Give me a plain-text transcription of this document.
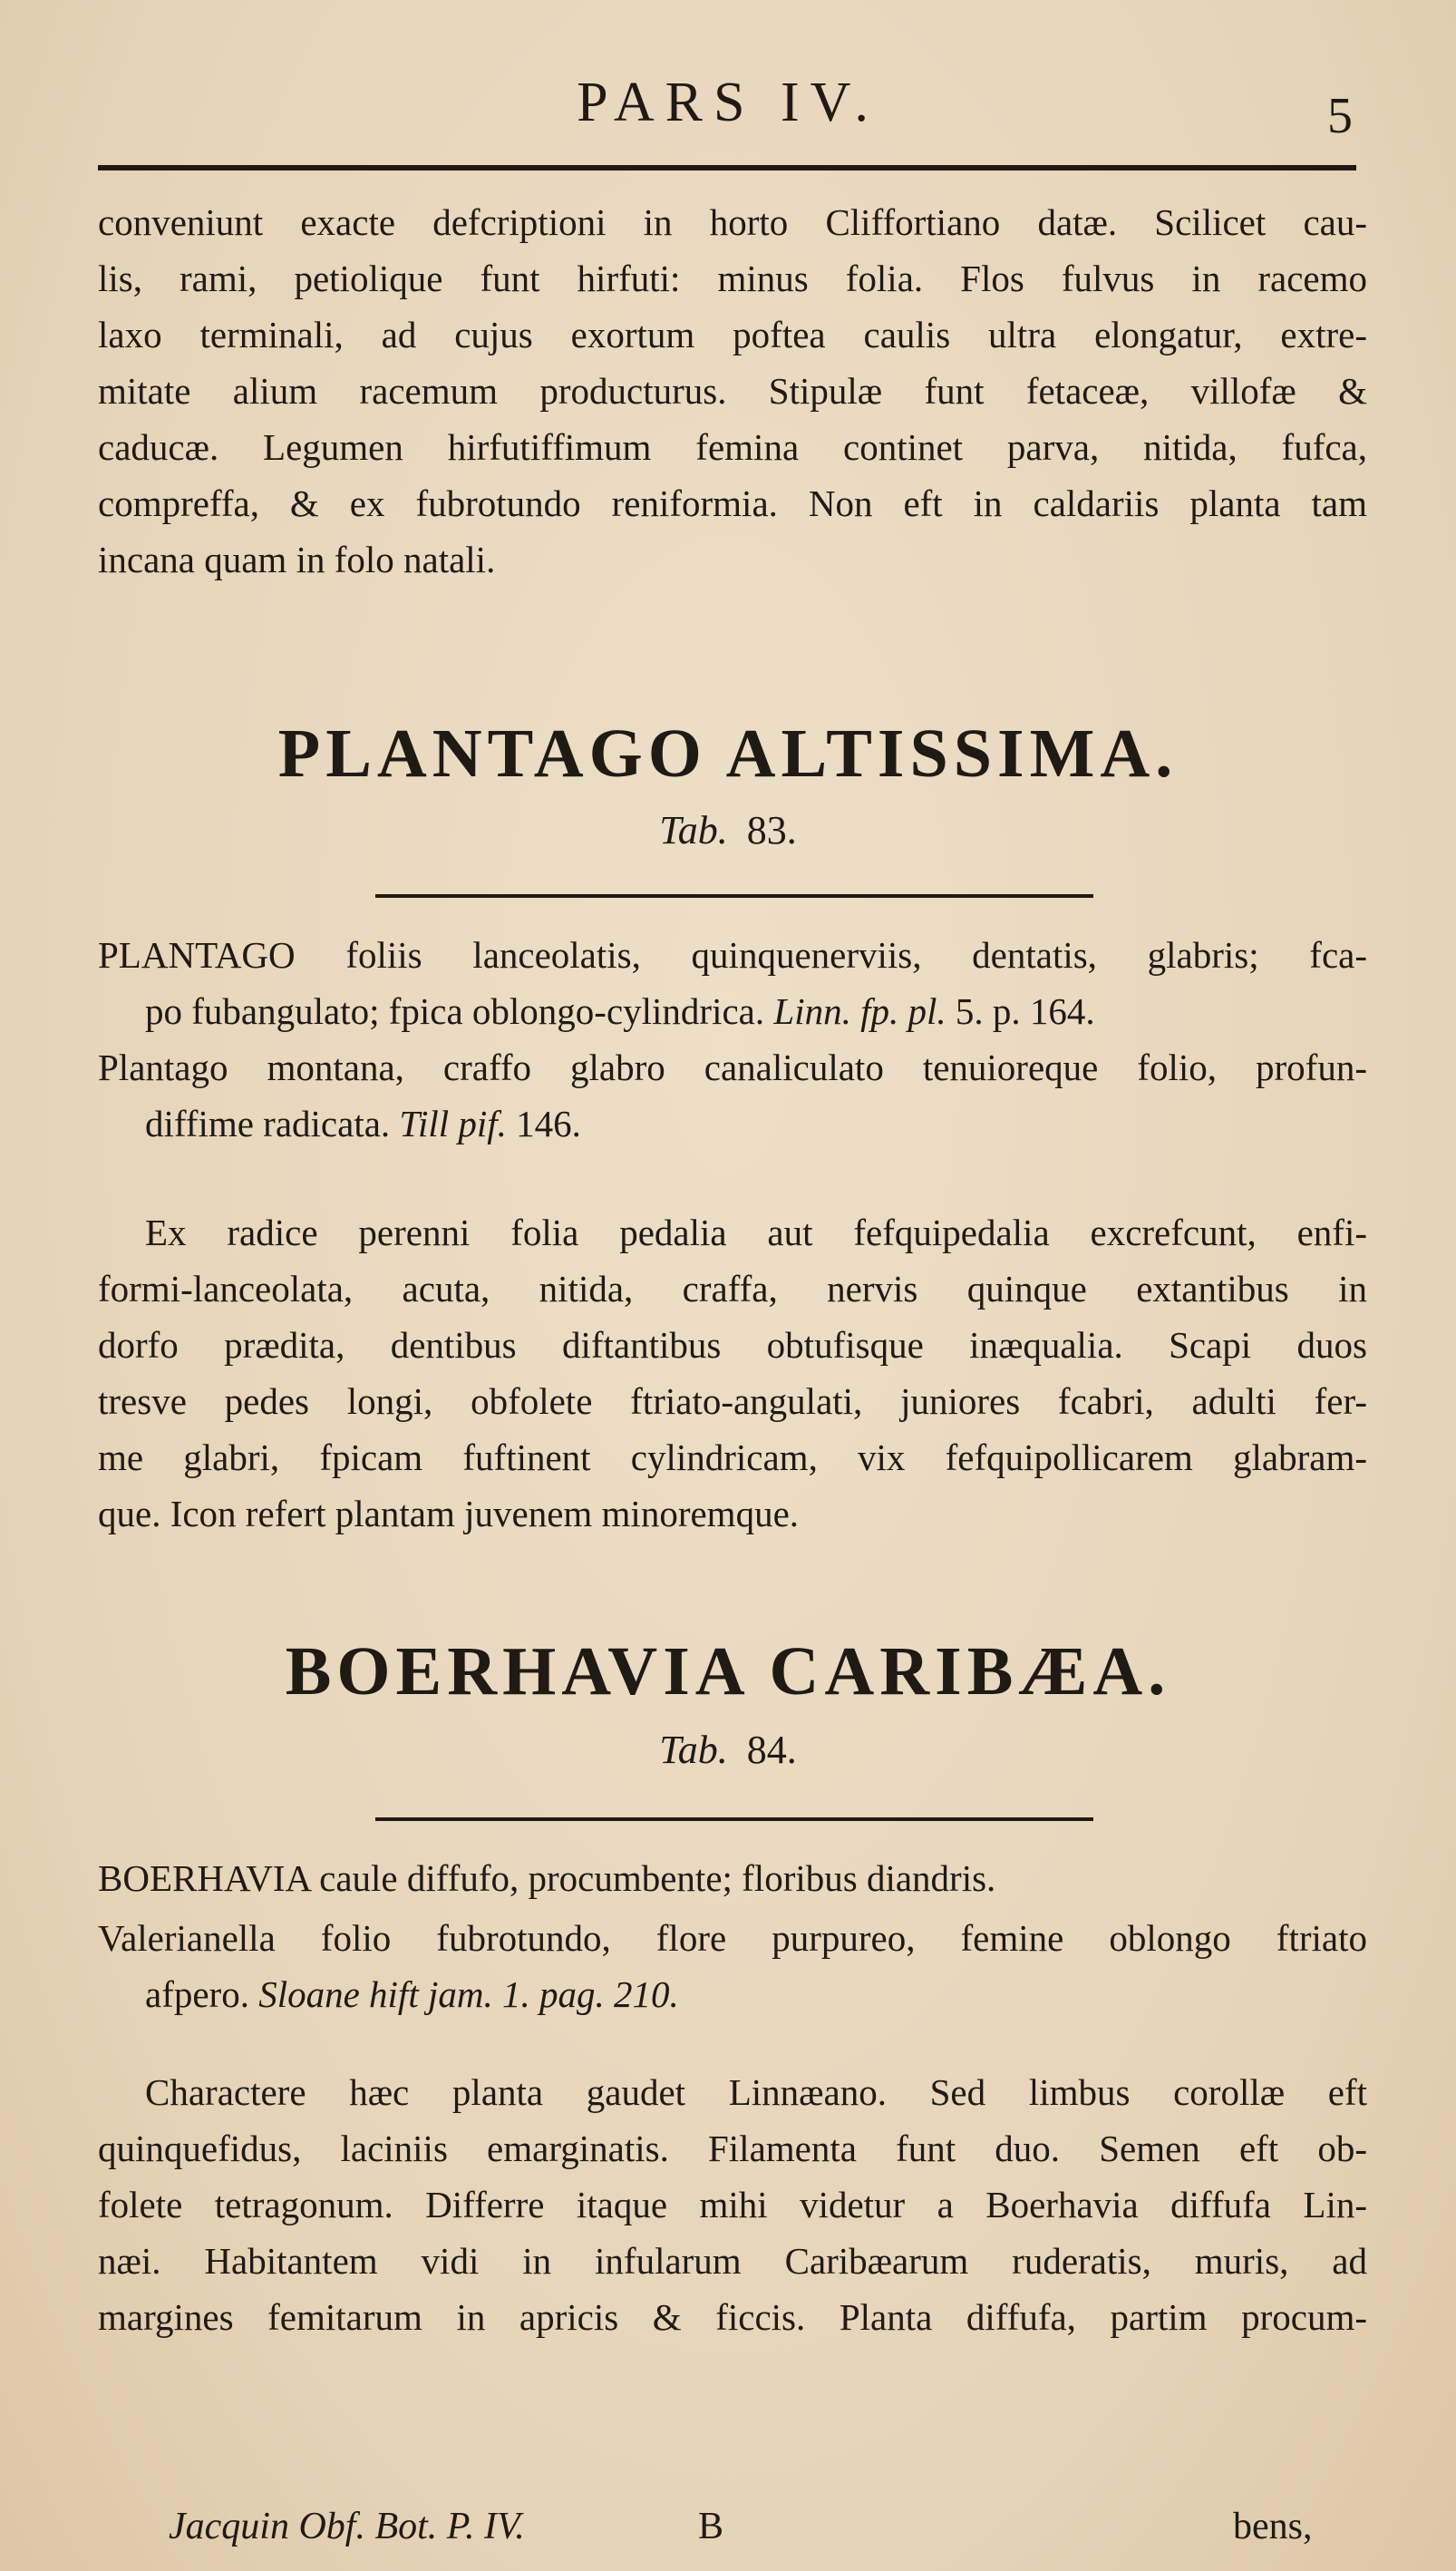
PARS IV.	5
conveniunt exacte defcriptioni in horto Cliffortiano datæ. Scilicet cau-
lis, rami, petiolique funt hirfuti: minus folia. Flos fulvus in racemo
laxo terminali, ad cujus exortum poftea caulis ultra elongatur, extre-
mitate alium racemum producturus. Stipulæ funt fetaceæ, villofæ &
caducæ. Legumen hirfutiffimum femina continet parva, nitida, fufca,
compreffa, & ex fubrotundo reniformia. Non eft in caldariis planta tam
incana quam in folo natali.
PLANTAGO ALTISSIMA.
Tab. 83.
PLANTAGO foliis lanceolatis, quinquenerviis, dentatis, glabris; fca-
po fubangulato; fpica oblongo-cylindrica. Linn. fp. pl. 5. p. 164.
Plantago montana, craffo glabro canaliculato tenuioreque folio, profun-
diffime radicata. Till pif. 146.
Ex radice perenni folia pedalia aut fefquipedalia excrefcunt, enfi-
formi-lanceolata, acuta, nitida, craffa, nervis quinque extantibus in
dorfo prædita, dentibus diftantibus obtufisque inæqualia. Scapi duos
tresve pedes longi, obfolete ftriato-angulati, juniores fcabri, adulti fer-
me glabri, fpicam fuftinent cylindricam, vix fefquipollicarem glabram-
que. Icon refert plantam juvenem minoremque.
BOERHAVIA CARIBÆA.
Tab. 84.
BOERHAVIA caule diffufo, procumbente; floribus diandris.
Valerianella folio fubrotundo, flore purpureo, femine oblongo ftriato
afpero. Sloane hift jam. 1. pag. 210.
Charactere hæc planta gaudet Linnæano. Sed limbus corollæ eft
quinquefidus, laciniis emarginatis. Filamenta funt duo. Semen eft ob-
folete tetragonum. Differre itaque mihi videtur a Boerhavia diffufa Lin-
næi. Habitantem vidi in infularum Caribæarum ruderatis, muris, ad
margines femitarum in apricis & ficcis. Planta diffufa, partim procum-
Jacquin Obf. Bot. P. IV.	B	bens,
